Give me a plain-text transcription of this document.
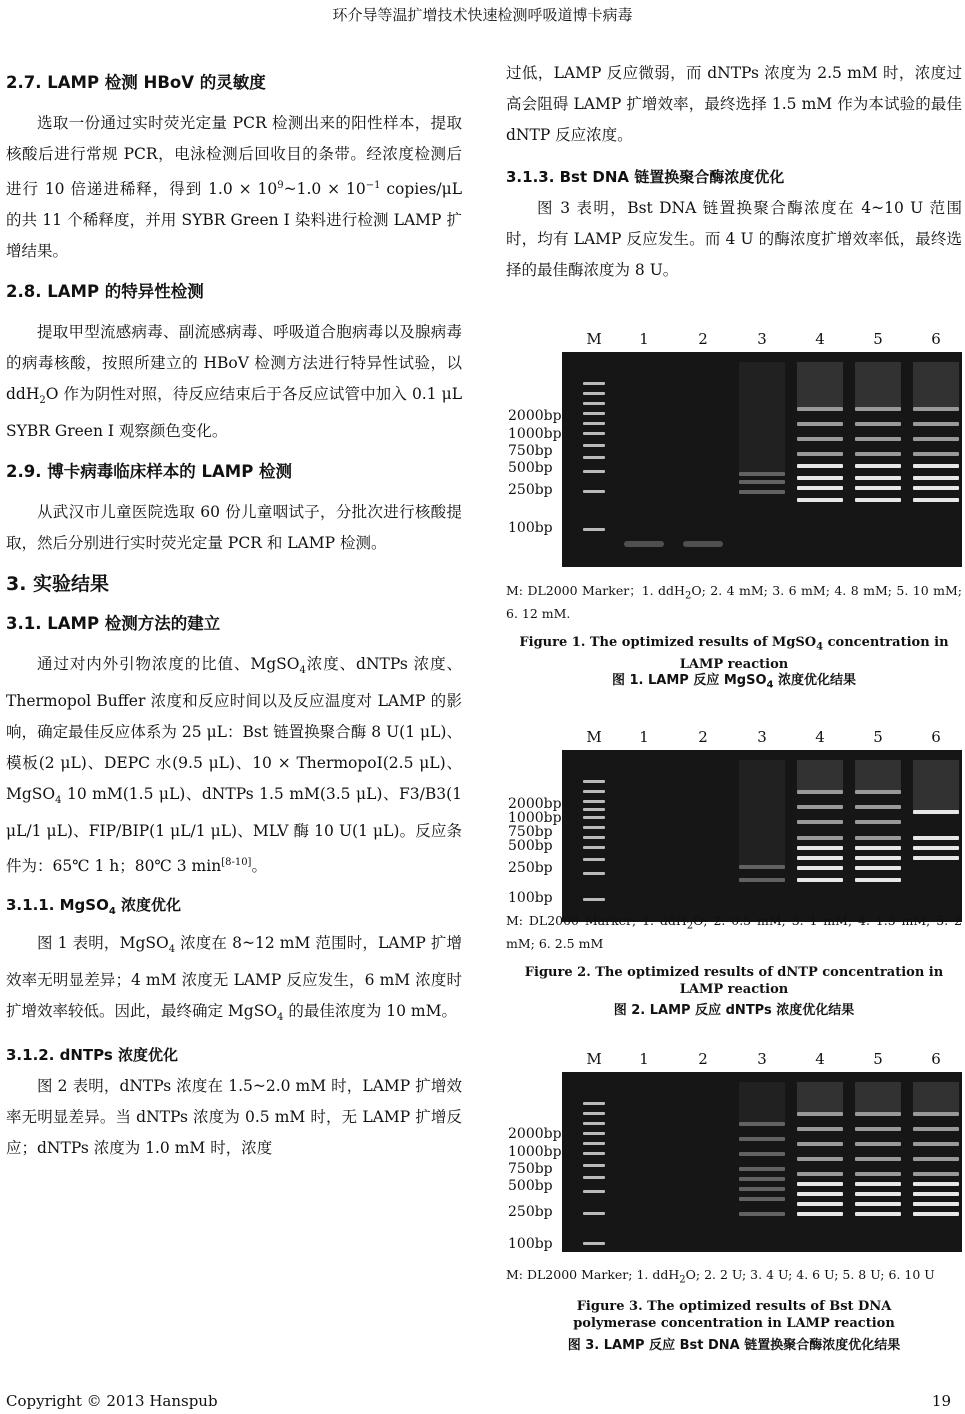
环介导等温扩增技术快速检测呼吸道博卡病毒
2.7. LAMP 检测 HBoV 的灵敏度

选取一份通过实时荧光定量 PCR 检测出来的阳性样本，提取核酸后进行常规 PCR，电泳检测后回收目的条带。经浓度检测后进行 10 倍递进稀释，得到 $1.0 \times 10^9\sim 1.0 \times 10^{-1}$ copies/μL 的共 11 个稀释度，并用 SYBR Green I 染料进行检测 LAMP 扩增结果。

2.8. LAMP 的特异性检测

提取甲型流感病毒、副流感病毒、呼吸道合胞病毒以及腺病毒的病毒核酸，按照所建立的 HBoV 检测方法进行特异性试验，以 ddH$_2$O 作为阴性对照，待反应结束后于各反应试管中加入 0.1 μL SYBR Green I 观察颜色变化。

2.9. 博卡病毒临床样本的 LAMP 检测

从武汉市儿童医院选取 60 份儿童咽试子，分批次进行核酸提取，然后分别进行实时荧光定量 PCR 和 LAMP 检测。

3. 实验结果
3.1. LAMP 检测方法的建立

通过对内外引物浓度的比值、MgSO$_4$浓度、dNTPs 浓度、Thermopol Buffer 浓度和反应时间以及反应温度对 LAMP 的影响，确定最佳反应体系为 25 μL：Bst 链置换聚合酶 8 U(1 μL)、模板(2 μL)、DEPC 水(9.5 μL)、10 × ThermopoI(2.5 μL)、MgSO$_4$ 10 mM(1.5 μL)、dNTPs 1.5 mM(3.5 μL)、F3/B3(1 μL/1 μL)、FIP/BIP(1 μL/1 μL)、MLV 酶 10 U(1 μL)。反应条件为：65℃ 1 h；80℃ 3 min[8-10]。

3.1.1. MgSO$_4$ 浓度优化

图 1 表明，MgSO$_4$ 浓度在 8~12 mM 范围时，LAMP 扩增效率无明显差异；4 mM 浓度无 LAMP 反应发生，6 mM 浓度时扩增效率较低。因此，最终确定 MgSO$_4$ 的最佳浓度为 10 mM。

3.1.2. dNTPs 浓度优化

图 2 表明，dNTPs 浓度在 1.5~2.0 mM 时，LAMP 扩增效率无明显差异。当 dNTPs 浓度为 0.5 mM 时，无 LAMP 扩增反应；dNTPs 浓度为 1.0 mM 时，浓度

过低，LAMP 反应微弱，而 dNTPs 浓度为 2.5 mM 时，浓度过高会阻碍 LAMP 扩增效率，最终选择 1.5 mM 作为本试验的最佳 dNTP 反应浓度。

3.1.3. Bst DNA 链置换聚合酶浓度优化

图 3 表明，Bst DNA 链置换聚合酶浓度在 4~10 U 范围时，均有 LAMP 反应发生。而 4 U 的酶浓度扩增效率低，最终选择的最佳酶浓度为 8 U。

M	1	2	3	4	5	6
2000bp
1000bp
750bp
500bp
250bp
100bp
M: DL2000 Marker；1. ddH$_2$O; 2. 4 mM; 3. 6 mM; 4. 8 mM; 5. 10 mM; 6. 12 mM.
Figure 1. The optimized results of MgSO$_4$ concentration in LAMP reaction
图 1. LAMP 反应 MgSO$_4$ 浓度优化结果
M	1	2	3	4	5	6
2000bp
1000bp
750bp
500bp
250bp
100bp
M: DL2000 Marker; 1. ddH$_2$O; 2. 0.5 mM; 3. 1 mM; 4. 1.5 mM; 5. 2 mM; 6. 2.5 mM
Figure 2. The optimized results of dNTP concentration in LAMP reaction
图 2. LAMP 反应 dNTPs 浓度优化结果
M	1	2	3	4	5	6
2000bp
1000bp
750bp
500bp
250bp
100bp
M: DL2000 Marker; 1. ddH$_2$O; 2. 2 U; 3. 4 U; 4. 6 U; 5. 8 U; 6. 10 U
Figure 3. The optimized results of Bst DNA polymerase concentration in LAMP reaction
图 3. LAMP 反应 Bst DNA 链置换聚合酶浓度优化结果
Copyright © 2013 Hanspub	19
